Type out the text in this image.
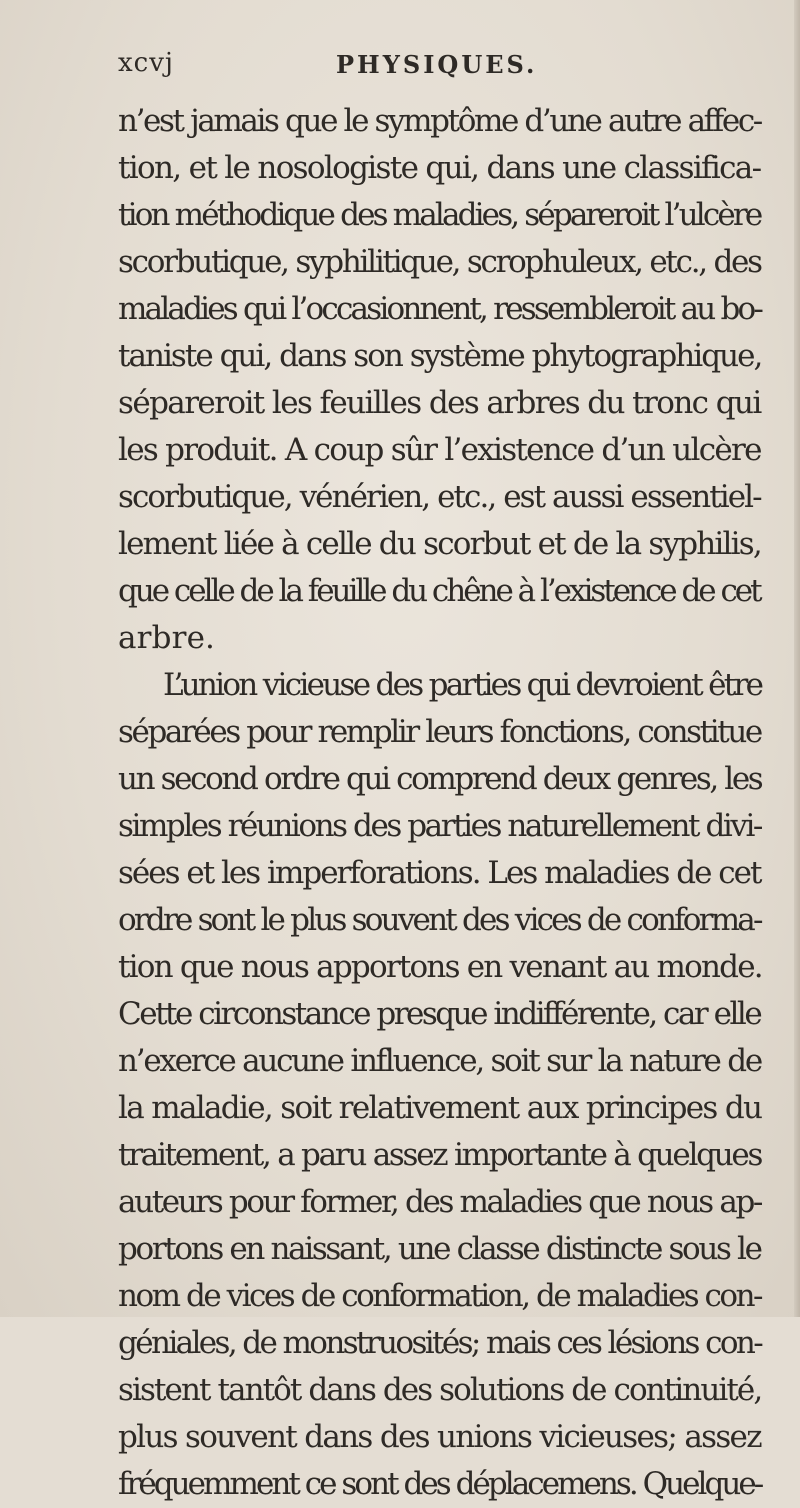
xcvj	PHYSIQUES.
n’est jamais que le symptôme d’une autre affec-
tion, et le nosologiste qui, dans une classifica-
tion méthodique des maladies, sépareroit l’ulcère
scorbutique, syphilitique, scrophuleux, etc., des
maladies qui l’occasionnent, ressembleroit au bo-
taniste qui, dans son système phytographique,
sépareroit les feuilles des arbres du tronc qui
les produit. A coup sûr l’existence d’un ulcère
scorbutique, vénérien, etc., est aussi essentiel-
lement liée à celle du scorbut et de la syphilis,
que celle de la feuille du chêne à l’existence de cet
arbre.
L’union vicieuse des parties qui devroient être
séparées pour remplir leurs fonctions, constitue
un second ordre qui comprend deux genres, les
simples réunions des parties naturellement divi-
sées et les imperforations. Les maladies de cet
ordre sont le plus souvent des vices de conforma-
tion que nous apportons en venant au monde.
Cette circonstance presque indifférente, car elle
n’exerce aucune influence, soit sur la nature de
la maladie, soit relativement aux principes du
traitement, a paru assez importante à quelques
auteurs pour former, des maladies que nous ap-
portons en naissant, une classe distincte sous le
nom de vices de conformation, de maladies con-
géniales, de monstruosités; mais ces lésions con-
sistent tantôt dans des solutions de continuité,
plus souvent dans des unions vicieuses; assez
fréquemment ce sont des déplacemens. Quelque-
